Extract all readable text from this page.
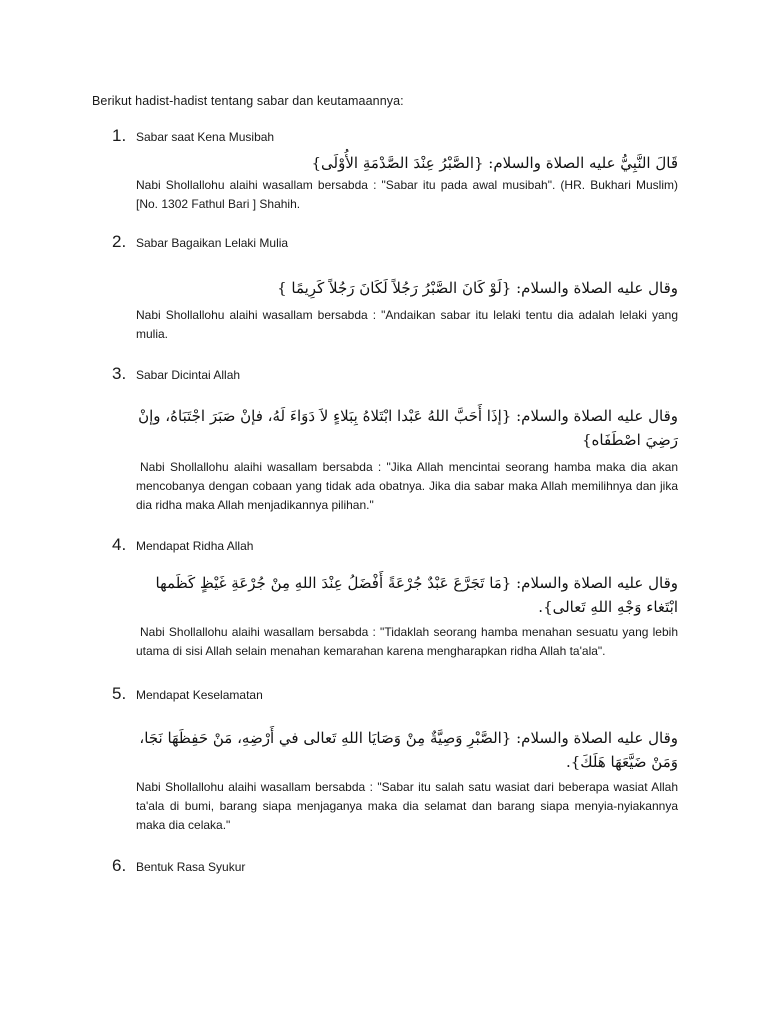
Berikut hadist-hadist tentang sabar dan keutamaannya:
1. Sabar saat Kena Musibah
قَالَ النَّبِيُّ عليه الصلاة والسلام: {الصَّبْرُ عِنْدَ الصَّدْمَةِ الأُوْلَى}
Nabi Shollallohu alaihi wasallam bersabda : "Sabar itu pada awal musibah". (HR. Bukhari Muslim) [No. 1302 Fathul Bari ] Shahih.
2. Sabar Bagaikan Lelaki Mulia
وقال عليه الصلاة والسلام: {لَوْ كَانَ الصَّبْرُ رَجُلاً لَكَانَ رَجُلاً كَرِيمًا }
Nabi Shollallohu alaihi wasallam bersabda : "Andaikan sabar itu lelaki tentu dia adalah lelaki yang mulia.
3. Sabar Dicintai Allah
وقال عليه الصلاة والسلام: {إذَا أَحَبَّ اللهُ عَبْدا ابْتَلاهُ بِبَلاءٍ لاَ دَوَاءَ لَهُ، فإنْ صَبَرَ اجْتَبَاهُ، وإنْ رَضِيَ اصْطَفَاه}
Nabi Shollallohu alaihi wasallam bersabda : "Jika Allah mencintai seorang hamba maka dia akan mencobanya dengan cobaan yang tidak ada obatnya. Jika dia sabar maka Allah memilihnya dan jika dia ridha maka Allah menjadikannya pilihan."
4. Mendapat Ridha Allah
وقال عليه الصلاة والسلام: {مَا تَجَرَّعَ عَبْدٌ جُرْعَةً أَفْضَلُ عِنْدَ اللهِ مِنْ جُرْعَةِ غَيْظٍ كَظَمها ابْتَغاء وَجْهِ اللهِ تَعالى}.
Nabi Shollallohu alaihi wasallam bersabda : "Tidaklah seorang hamba menahan sesuatu yang lebih utama di sisi Allah selain menahan kemarahan karena mengharapkan ridha Allah ta'ala".
5. Mendapat Keselamatan
وقال عليه الصلاة والسلام: {الصَّبْرِ وَصِيَّةٌ مِنْ وَصَايَا اللهِ تَعالى في أَرْضِهِ، مَنْ حَفِظَهَا نَجَا، وَمَنْ ضَيَّعَهَا هَلَكَ}.
Nabi Shollallohu alaihi wasallam bersabda : "Sabar itu salah satu wasiat dari beberapa wasiat Allah ta'ala di bumi, barang siapa menjaganya maka dia selamat dan barang siapa menyia-nyiakannya maka dia celaka."
6. Bentuk Rasa Syukur
